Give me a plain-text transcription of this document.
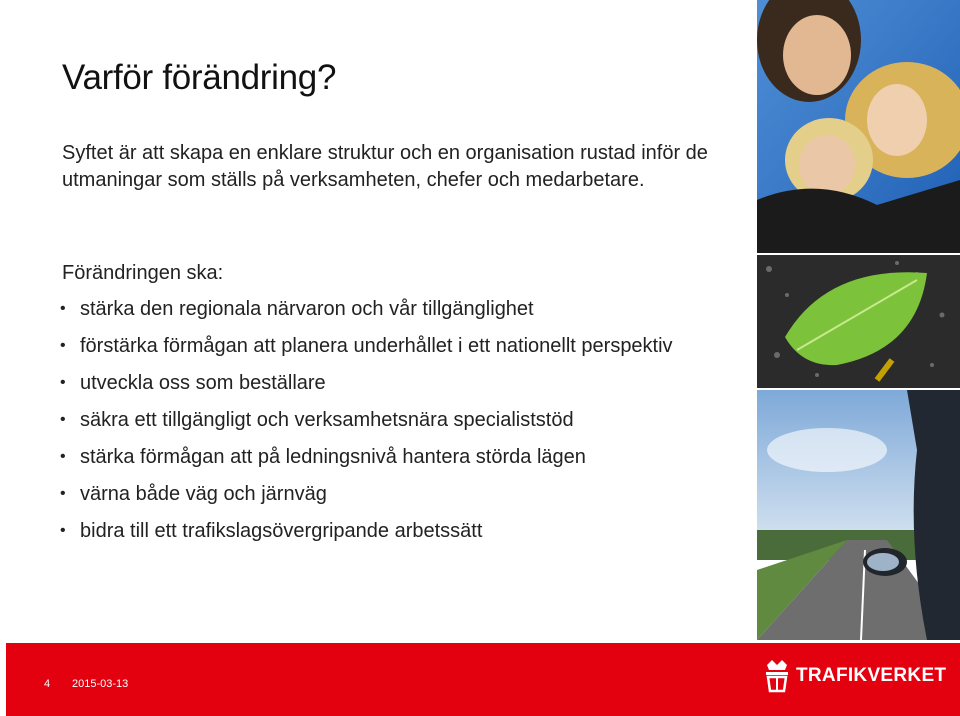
Varför förändring?
Syftet är att skapa en enklare struktur och en organisation rustad inför de utmaningar som ställs på verksamheten, chefer och medarbetare.
Förändringen ska:
• stärka den regionala närvaron och vår tillgänglighet
• förstärka förmågan att planera underhållet i ett nationellt perspektiv
• utveckla oss som beställare
• säkra ett tillgängligt och verksamhetsnära specialiststöd
• stärka förmågan att på ledningsnivå hantera störda lägen
• värna både väg och järnväg
• bidra till ett trafikslagsövergripande arbetssätt
4 2015-03-13	TRAFIKVERKET
